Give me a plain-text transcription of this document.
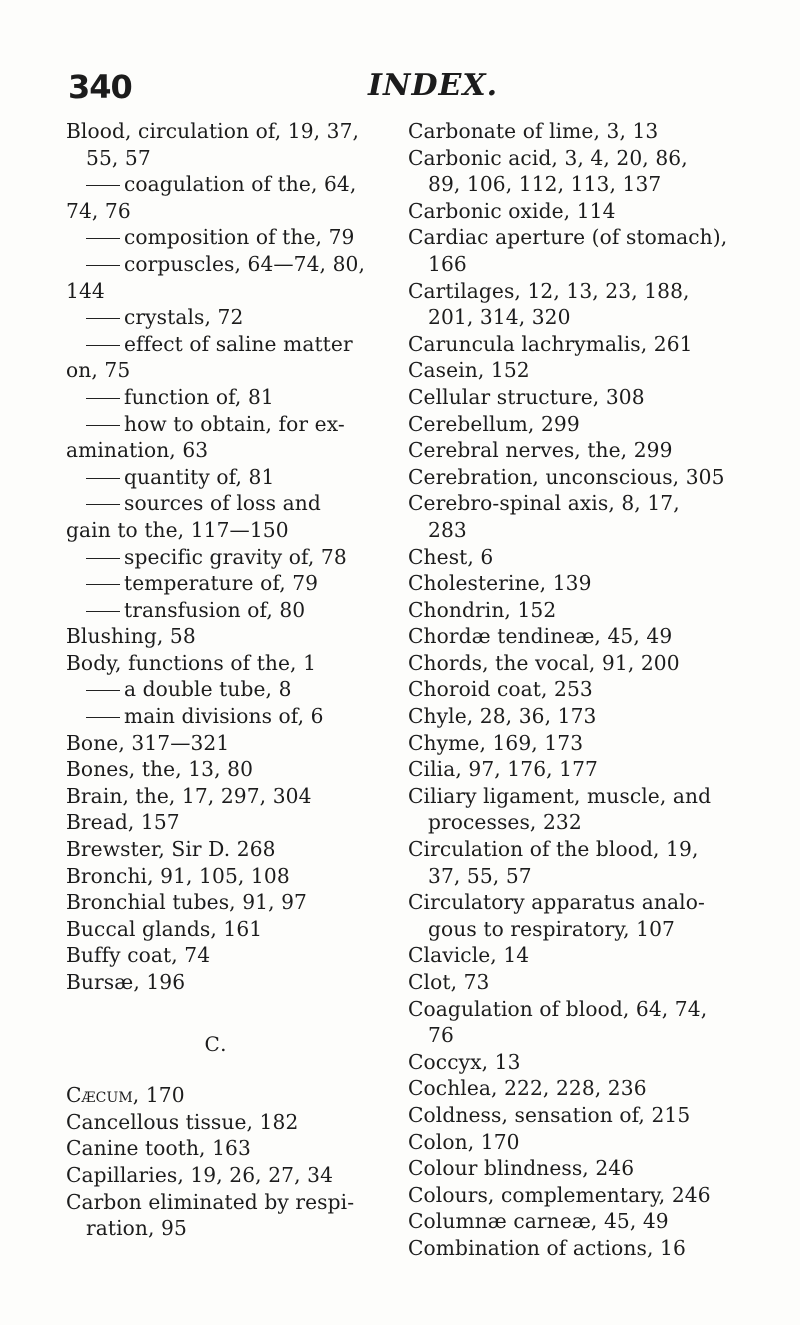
340	INDEX.
Blood, circulation of, 19, 37,
55, 57
coagulation of the, 64,
74, 76
composition of the, 79
corpuscles, 64—74, 80,
144
crystals, 72
effect of saline matter
on, 75
function of, 81
how to obtain, for ex-
amination, 63
quantity of, 81
sources of loss and
gain to the, 117—150
specific gravity of, 78
temperature of, 79
transfusion of, 80
Blushing, 58
Body, functions of the, 1
a double tube, 8
main divisions of, 6
Bone, 317—321
Bones, the, 13, 80
Brain, the, 17, 297, 304
Bread, 157
Brewster, Sir D. 268
Bronchi, 91, 105, 108
Bronchial tubes, 91, 97
Buccal glands, 161
Buffy coat, 74
Bursæ, 196
C.
Cæcum, 170
Cancellous tissue, 182
Canine tooth, 163
Capillaries, 19, 26, 27, 34
Carbon eliminated by respi-
ration, 95
Carbonate of lime, 3, 13
Carbonic acid, 3, 4, 20, 86,
89, 106, 112, 113, 137
Carbonic oxide, 114
Cardiac aperture (of stomach),
166
Cartilages, 12, 13, 23, 188,
201, 314, 320
Caruncula lachrymalis, 261
Casein, 152
Cellular structure, 308
Cerebellum, 299
Cerebral nerves, the, 299
Cerebration, unconscious, 305
Cerebro-spinal axis, 8, 17,
283
Chest, 6
Cholesterine, 139
Chondrin, 152
Chordæ tendineæ, 45, 49
Chords, the vocal, 91, 200
Choroid coat, 253
Chyle, 28, 36, 173
Chyme, 169, 173
Cilia, 97, 176, 177
Ciliary ligament, muscle, and
processes, 232
Circulation of the blood, 19,
37, 55, 57
Circulatory apparatus analo-
gous to respiratory, 107
Clavicle, 14
Clot, 73
Coagulation of blood, 64, 74,
76
Coccyx, 13
Cochlea, 222, 228, 236
Coldness, sensation of, 215
Colon, 170
Colour blindness, 246
Colours, complementary, 246
Columnæ carneæ, 45, 49
Combination of actions, 16
